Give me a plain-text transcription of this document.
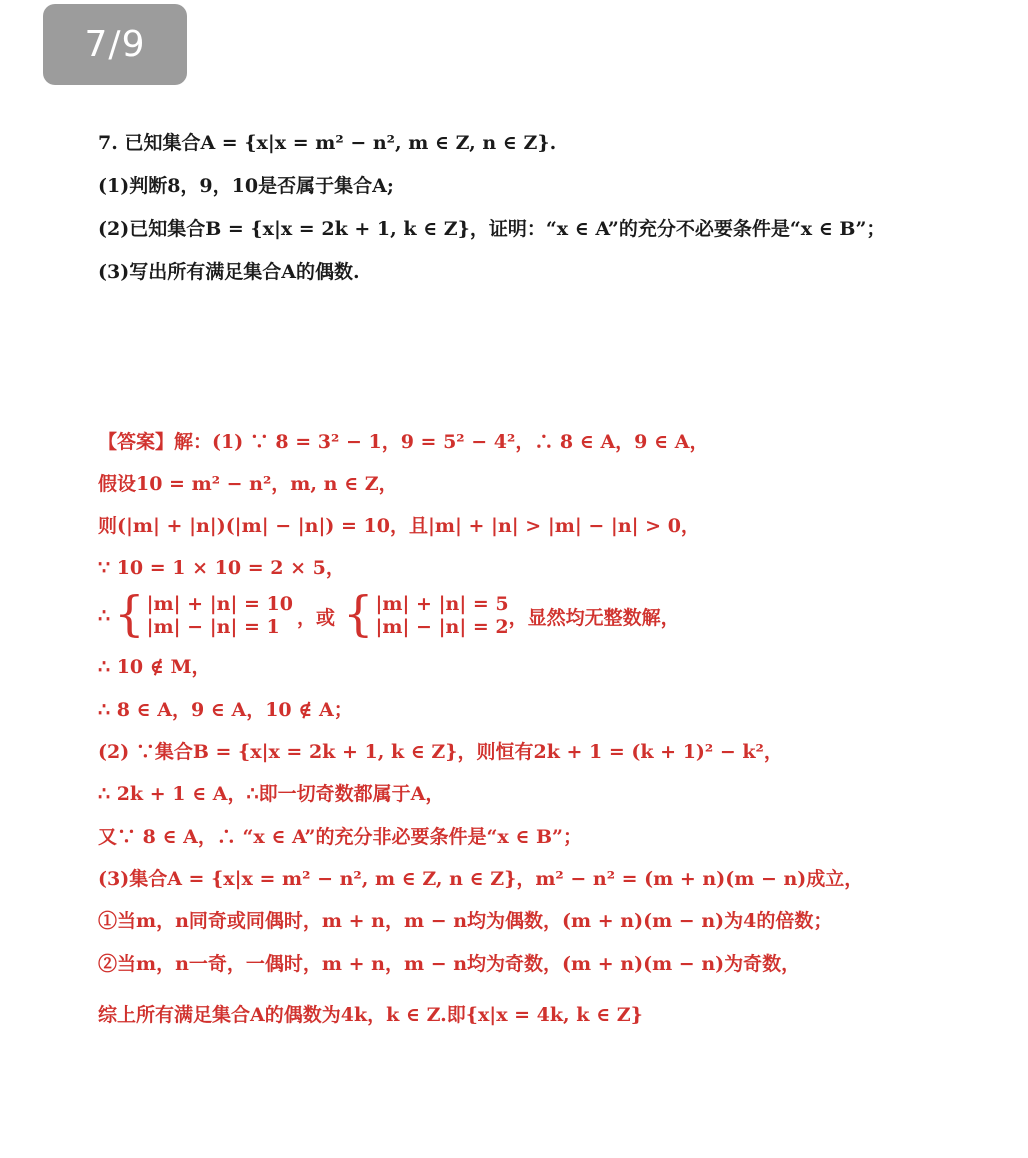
7/9
7. 已知集合A = {x|x = m² − n², m ∈ Z, n ∈ Z}.
(1)判断8，9，10是否属于集合A;
(2)已知集合B = {x|x = 2k + 1, k ∈ Z}，证明：“x ∈ A”的充分不必要条件是“x ∈ B”；
(3)写出所有满足集合A的偶数.
【答案】解：(1) ∵ 8 = 3² − 1，9 = 5² − 4²，∴ 8 ∈ A，9 ∈ A，
假设10 = m² − n²，m, n ∈ Z，
则(|m| + |n|)(|m| − |n|) = 10，且|m| + |n| > |m| − |n| > 0，
∵ 10 = 1 × 10 = 2 × 5，
∴ { |m| + |n| = 10
|m| − |n| = 1 ，或 { |m| + |n| = 5
|m| − |n| = 2 ，显然均无整数解，
∴ 10 ∉ M，
∴ 8 ∈ A，9 ∈ A，10 ∉ A；
(2) ∵集合B = {x|x = 2k + 1, k ∈ Z}，则恒有2k + 1 = (k + 1)² − k²，
∴ 2k + 1 ∈ A，∴即一切奇数都属于A，
又∵ 8 ∈ A，∴ “x ∈ A”的充分非必要条件是“x ∈ B”；
(3)集合A = {x|x = m² − n², m ∈ Z, n ∈ Z}，m² − n² = (m + n)(m − n)成立，
①当m，n同奇或同偶时，m + n，m − n均为偶数，(m + n)(m − n)为4的倍数；
②当m，n一奇，一偶时，m + n，m − n均为奇数，(m + n)(m − n)为奇数，
综上所有满足集合A的偶数为4k，k ∈ Z.即{x|x = 4k, k ∈ Z}
